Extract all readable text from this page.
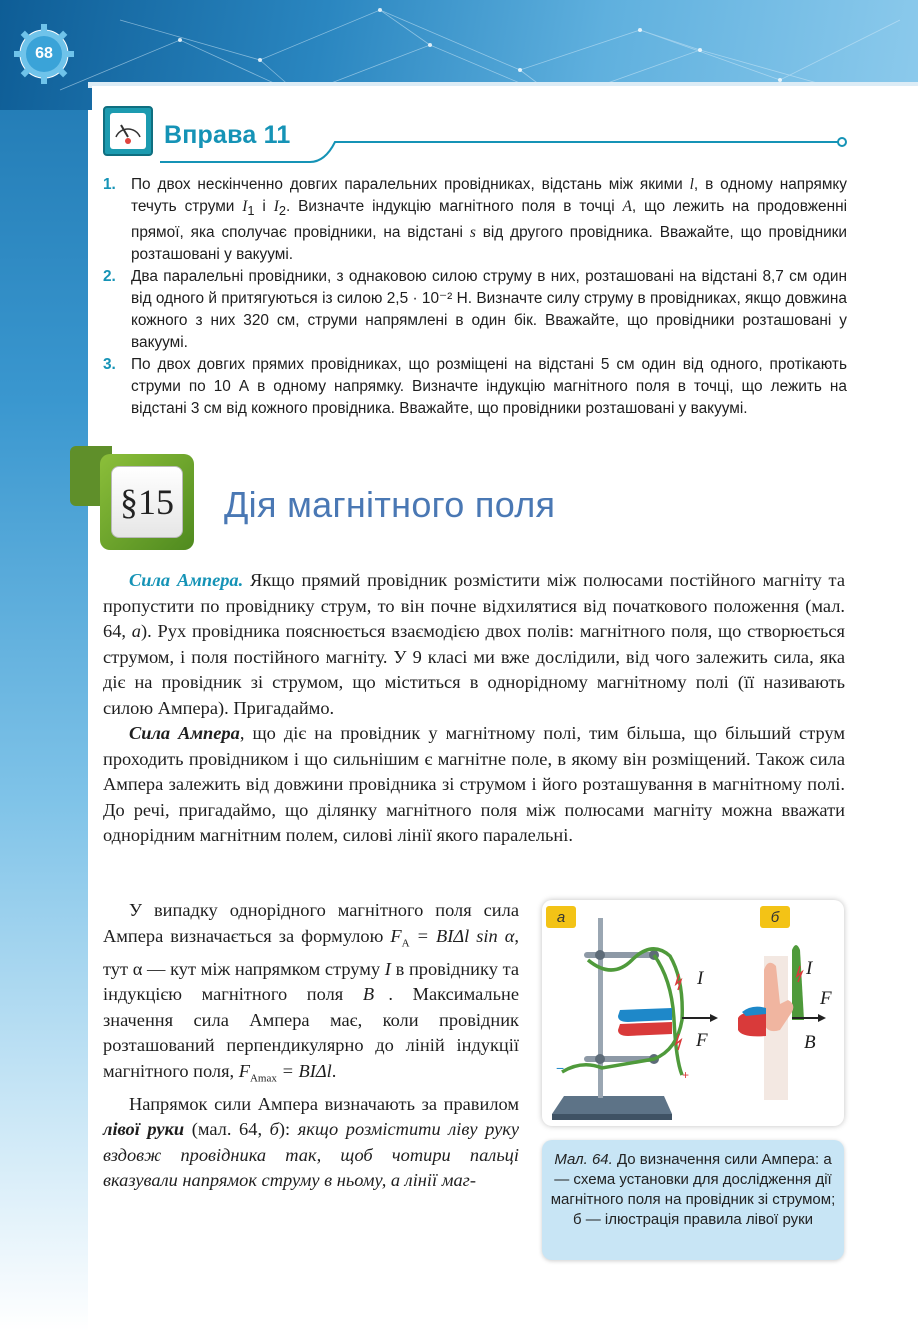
68
Вправа 11
1. По двох нескінченно довгих паралельних провідниках, відстань між якими l, в одному напрямку течуть струми $I_1$ і $I_2$. Визначте індукцію магнітного поля в точці A, що лежить на продовженні прямої, яка сполучає провідники, на відстані s від другого провідника. Вважайте, що провідники розташовані у вакуумі.
2. Два паралельні провідники, з однаковою силою струму в них, розташовані на відстані 8,7 см один від одного й притягуються із силою 2,5 · 10⁻² Н. Визначте силу струму в провідниках, якщо довжина кожного з них 320 см, струми напрямлені в один бік. Вважайте, що провідники розташовані у вакуумі.
3. По двох довгих прямих провідниках, що розміщені на відстані 5 см один від одного, протікають струми по 10 А в одному напрямку. Визначте індукцію магнітного поля в точці, що лежить на відстані 3 см від кожного провідника. Вважайте, що провідники розташовані у вакуумі.
§15 Дія магнітного поля

Сила Ампера. Якщо прямий провідник розмістити між полюсами постійного магніту та пропустити по провіднику струм, то він почне відхилятися від початкового положення (мал. 64, а). Рух провідника пояснюється взаємодією двох полів: магнітного поля, що створюється струмом, і поля постійного магніту. У 9 класі ми вже дослідили, від чого залежить сила, яка діє на провідник зі струмом, що міститься в однорідному магнітному полі (її називають силою Ампера). Пригадаймо.

Сила Ампера, що діє на провідник у магнітному полі, тим більша, що більший струм проходить провідником і що сильнішим є магнітне поле, в якому він розміщений. Також сила Ампера залежить від довжини провідника зі струмом і його розташування в магнітному полі. До речі, пригадаймо, що ділянку магнітного поля між полюсами магніту можна вважати однорідним магнітним полем, силові лінії якого паралельні.

У випадку однорідного магнітного поля сила Ампера визначається за формулою $F_A = BI\Delta l$ sin α, тут α — кут між напрямком струму I в провіднику та індукцією магнітного поля B⃗. Максимальне значення сила Ампера має, коли провідник розташований перпендикулярно до ліній індукції магнітного поля, $F_{Amax} = BI\Delta l$.

Напрямок сили Ампера визначають за правилом лівої руки (мал. 64, б): якщо розмістити ліву руку вздовж провідника так, щоб чотири пальці вказували напрямок струму в ньому, а лінії маг-

а	б
I
F
I
F
B
−	+
Мал. 64. До визначення сили Ампера: а — схема установки для дослідження дії магнітного поля на провідник зі струмом; б — ілюстрація правила лівої руки
